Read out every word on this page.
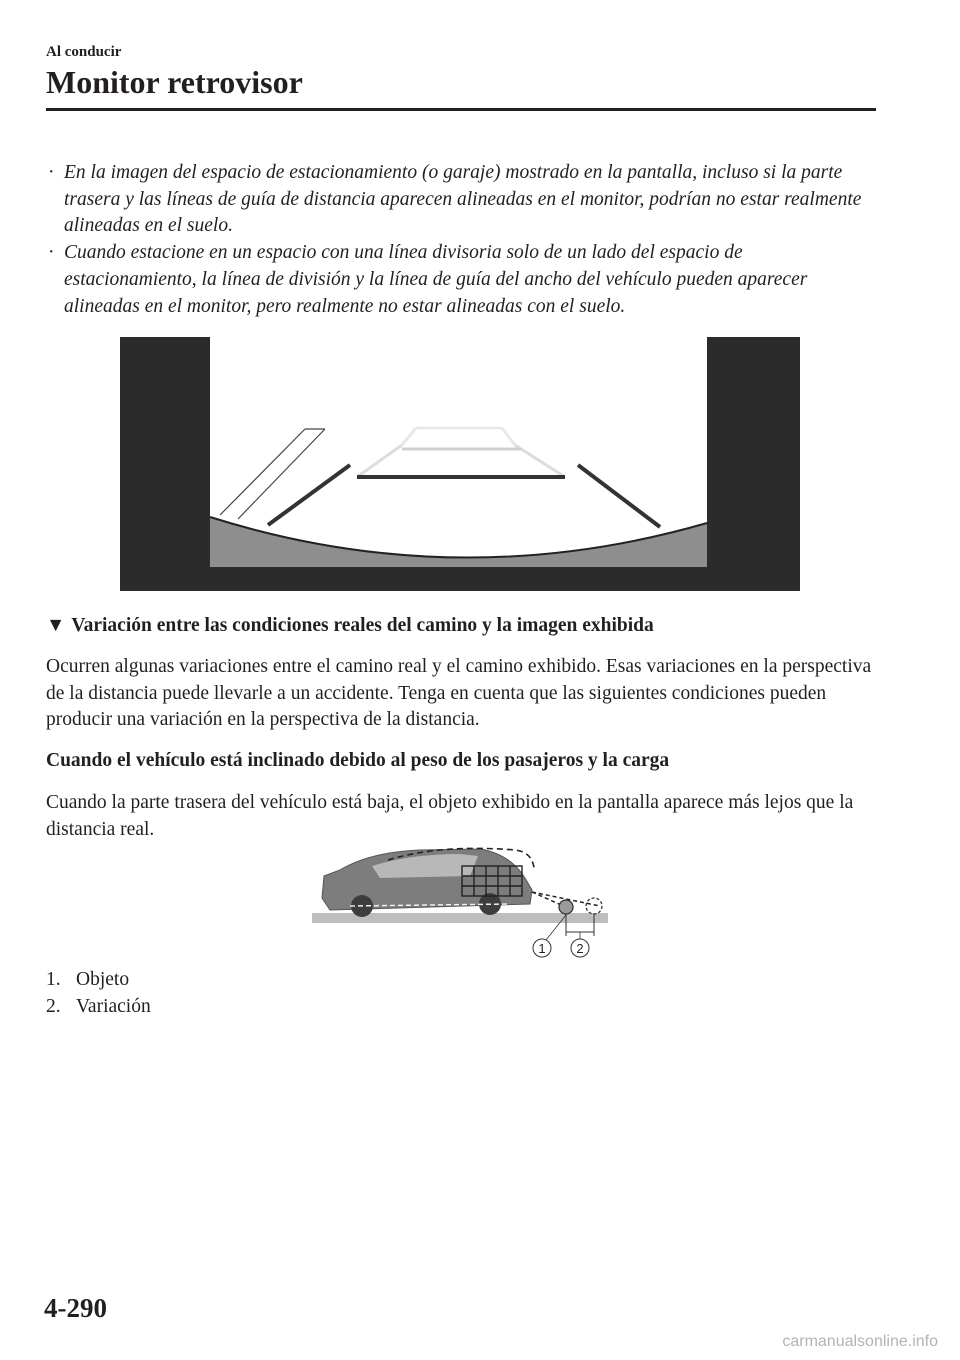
Al conducir
Monitor retrovisor
· En la imagen del espacio de estacionamiento (o garaje) mostrado en la pantalla, incluso si la parte trasera y las líneas de guía de distancia aparecen alineadas en el monitor, podrían no estar realmente alineadas en el suelo.
· Cuando estacione en un espacio con una línea divisoria solo de un lado del espacio de estacionamiento, la línea de división y la línea de guía del ancho del vehículo pueden aparecer alineadas en el monitor, pero realmente no estar alineadas con el suelo.
▼ Variación entre las condiciones reales del camino y la imagen exhibida

Ocurren algunas variaciones entre el camino real y el camino exhibido. Esas variaciones en la perspectiva de la distancia puede llevarle a un accidente. Tenga en cuenta que las siguientes condiciones pueden producir una variación en la perspectiva de la distancia.

Cuando el vehículo está inclinado debido al peso de los pasajeros y la carga

Cuando la parte trasera del vehículo está baja, el objeto exhibido en la pantalla aparece más lejos que la distancia real.

1 2
1. Objeto
2. Variación
4-290
carmanualsonline.info
